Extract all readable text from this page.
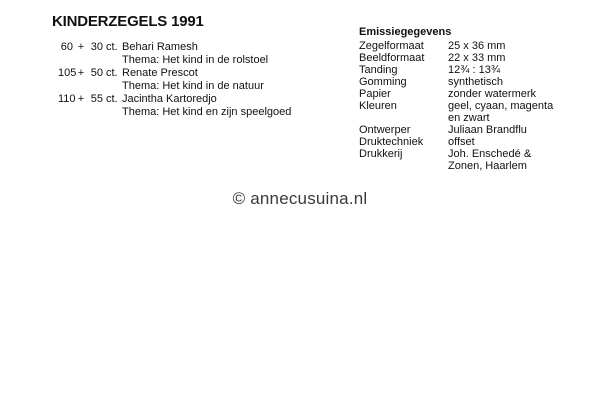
KINDERZEGELS 1991
60 + 30 ct. Behari Ramesh
Thema: Het kind in de rolstoel
105 + 50 ct. Renate Prescot
Thema: Het kind in de natuur
110 + 55 ct. Jacintha Kartoredjo
Thema: Het kind en zijn speelgoed
Emissiegegevens
Zegelformaat	25 x 36 mm
Beeldformaat	22 x 33 mm
Tanding	12¾ : 13¾
Gomming	synthetisch
Papier	zonder watermerk
Kleuren	geel, cyaan, magenta en zwart
Ontwerper	Juliaan Brandflu
Druktechniek	offset
Drukkerij	Joh. Enschedé & Zonen, Haarlem
© annecusuina.nl
